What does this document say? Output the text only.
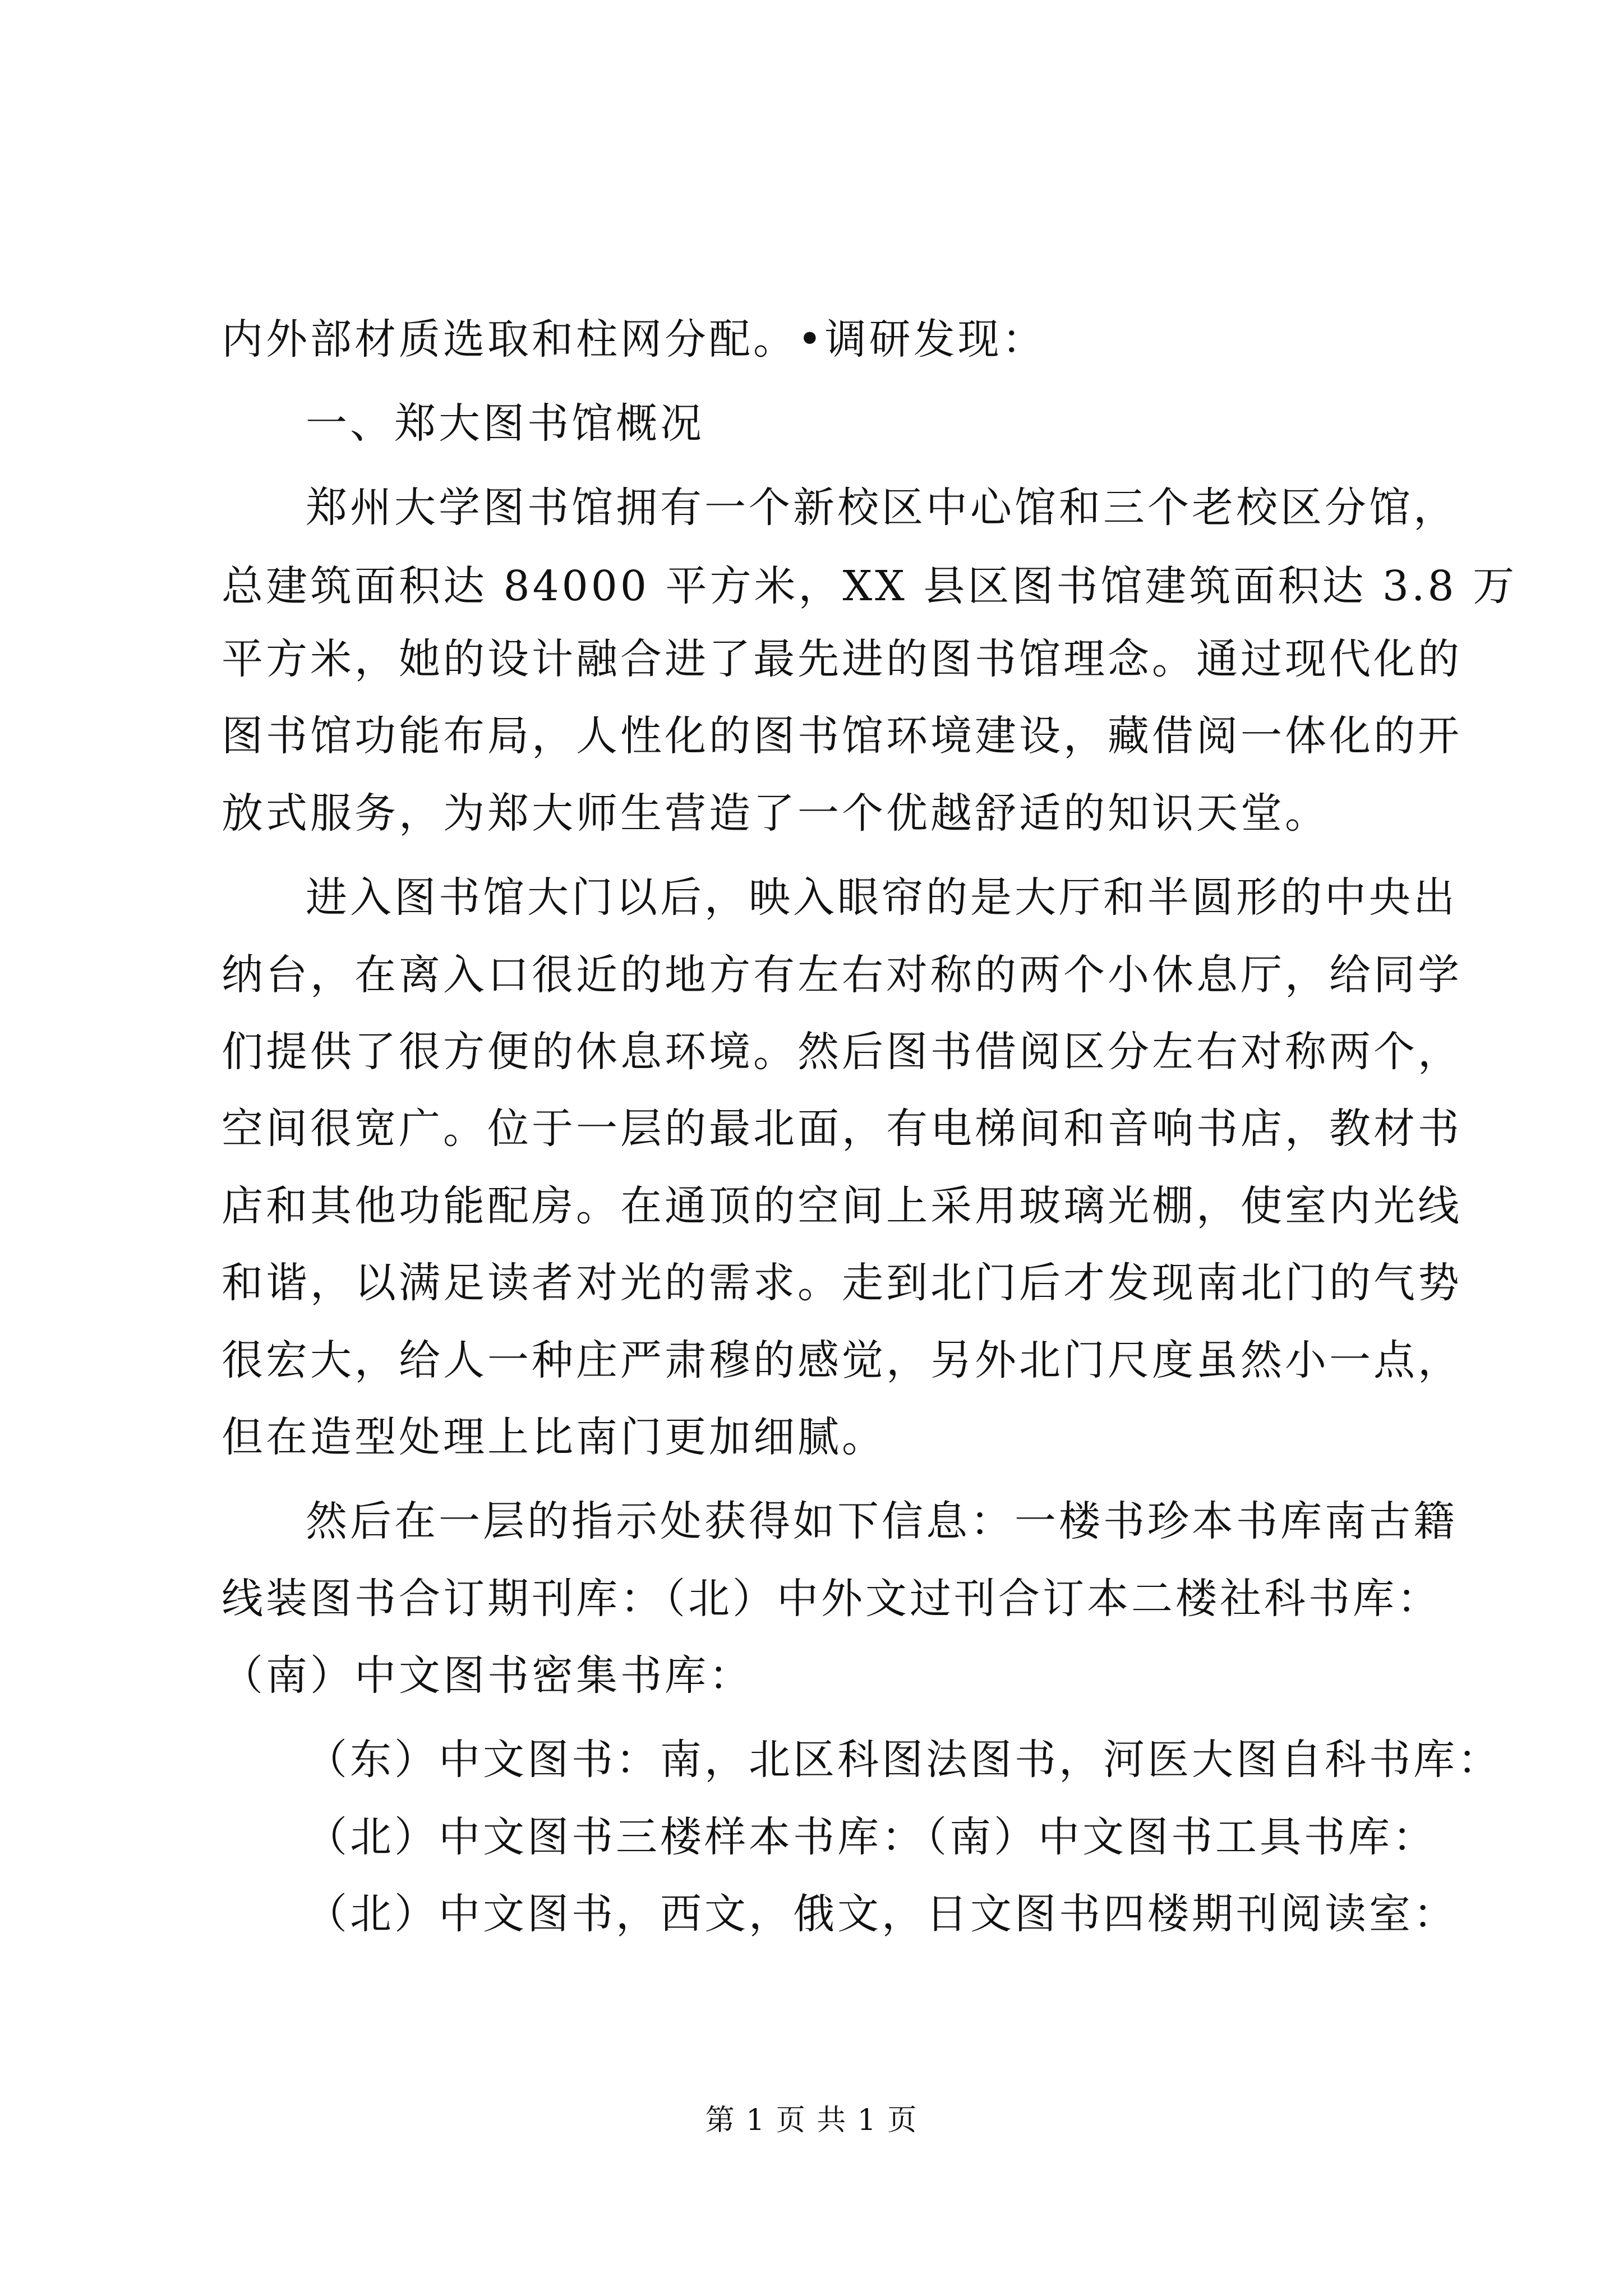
内外部材质选取和柱网分配。•调研发现：
一、郑大图书馆概况
郑州大学图书馆拥有一个新校区中心馆和三个老校区分馆，
总建筑面积达 84000 平方米，XX 县区图书馆建筑面积达 3.8 万
平方米，她的设计融合进了最先进的图书馆理念。通过现代化的
图书馆功能布局，人性化的图书馆环境建设，藏借阅一体化的开
放式服务，为郑大师生营造了一个优越舒适的知识天堂。
进入图书馆大门以后，映入眼帘的是大厅和半圆形的中央出
纳台，在离入口很近的地方有左右对称的两个小休息厅，给同学
们提供了很方便的休息环境。然后图书借阅区分左右对称两个，
空间很宽广。位于一层的最北面，有电梯间和音响书店，教材书
店和其他功能配房。在通顶的空间上采用玻璃光棚，使室内光线
和谐，以满足读者对光的需求。走到北门后才发现南北门的气势
很宏大，给人一种庄严肃穆的感觉，另外北门尺度虽然小一点，
但在造型处理上比南门更加细腻。
然后在一层的指示处获得如下信息：一楼书珍本书库南古籍
线装图书合订期刊库：（北）中外文过刊合订本二楼社科书库：
（南）中文图书密集书库：
（东）中文图书：南，北区科图法图书，河医大图自科书库：
（北）中文图书三楼样本书库：（南）中文图书工具书库：
（北）中文图书，西文，俄文，日文图书四楼期刊阅读室：
第 1 页 共 1 页
